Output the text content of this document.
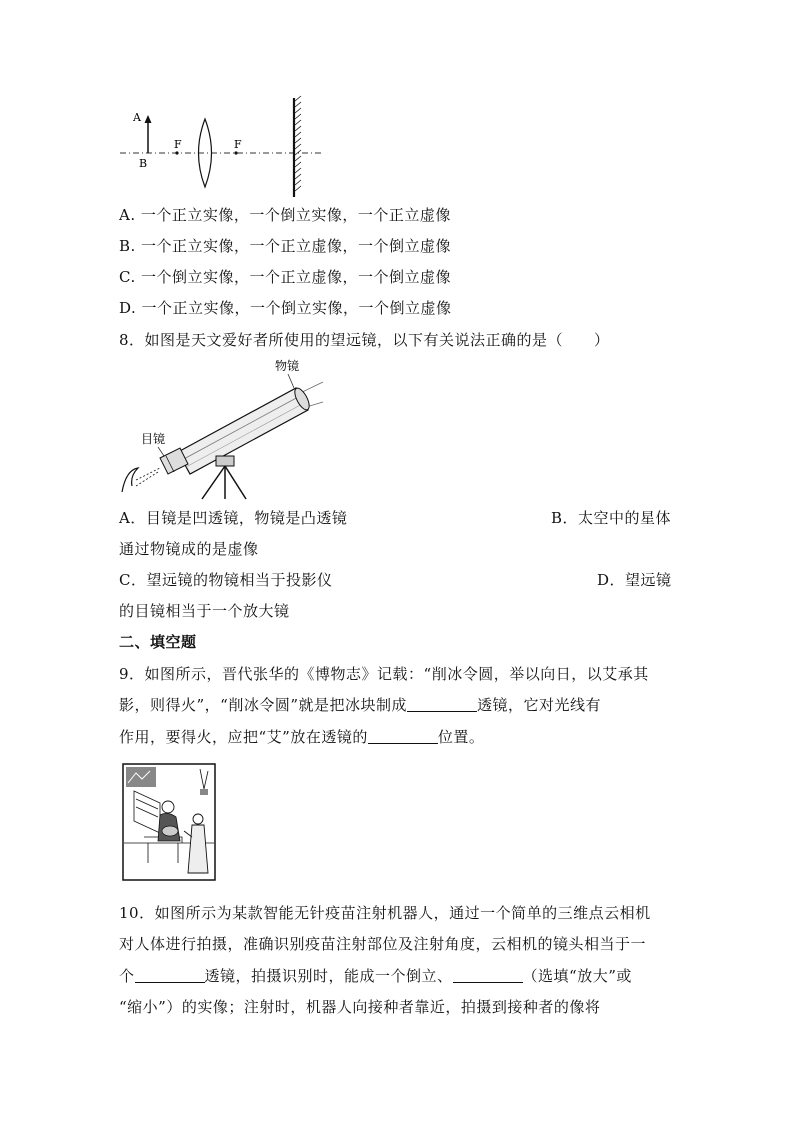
A
B
F	F
A. 一个正立实像，一个倒立实像，一个正立虚像
B. 一个正立实像，一个正立虚像，一个倒立虚像
C. 一个倒立实像，一个正立虚像，一个倒立虚像
D. 一个正立实像，一个倒立实像，一个倒立虚像
8．如图是天文爱好者所使用的望远镜，以下有关说法正确的是（　　）
物镜
目镜
A．目镜是凹透镜，物镜是凸透镜	B．太空中的星体
通过物镜成的是虚像
C．望远镜的物镜相当于投影仪	D．望远镜
的目镜相当于一个放大镜
二、填空题
9．如图所示，晋代张华的《博物志》记载：“削冰令圆，举以向日，以艾承其
影，则得火”，“削冰令圆”就是把冰块制成	透镜，它对光线有
作用，要得火，应把“艾”放在透镜的	位置。
10．如图所示为某款智能无针疫苗注射机器人，通过一个简单的三维点云相机
对人体进行拍摄，准确识别疫苗注射部位及注射角度，云相机的镜头相当于一
个	透镜，拍摄识别时，能成一个倒立、	（选填“放大”或
“缩小”）的实像；注射时，机器人向接种者靠近，拍摄到接种者的像将
